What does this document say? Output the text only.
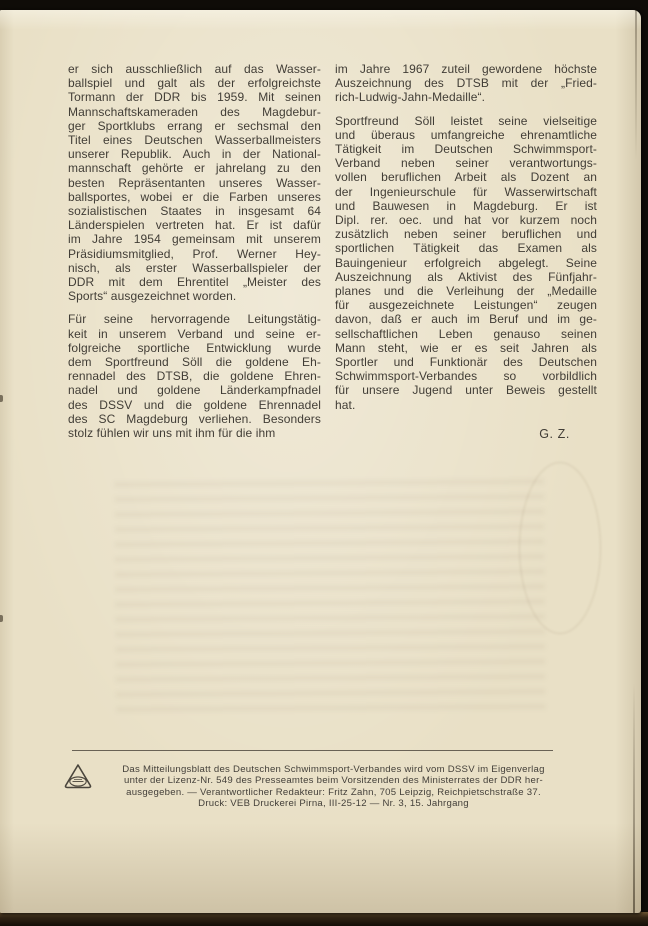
er sich ausschließlich auf das Wasser-
ballspiel und galt als der erfolgreichste
Tormann der DDR bis 1959. Mit seinen
Mannschaftskameraden des Magdebur-
ger Sportklubs errang er sechsmal den
Titel eines Deutschen Wasserballmeisters
unserer Republik. Auch in der National-
mannschaft gehörte er jahrelang zu den
besten Repräsentanten unseres Wasser-
ballsportes, wobei er die Farben unseres
sozialistischen Staates in insgesamt 64
Länderspielen vertreten hat. Er ist dafür
im Jahre 1954 gemeinsam mit unserem
Präsidiumsmitglied, Prof. Werner Hey-
nisch, als erster Wasserballspieler der
DDR mit dem Ehrentitel „Meister des
Sports“ ausgezeichnet worden.
Für seine hervorragende Leitungstätig-
keit in unserem Verband und seine er-
folgreiche sportliche Entwicklung wurde
dem Sportfreund Söll die goldene Eh-
rennadel des DTSB, die goldene Ehren-
nadel und goldene Länderkampfnadel
des DSSV und die goldene Ehrennadel
des SC Magdeburg verliehen. Besonders
stolz fühlen wir uns mit ihm für die ihm
im Jahre 1967 zuteil gewordene höchste
Auszeichnung des DTSB mit der „Fried-
rich-Ludwig-Jahn-Medaille“.
Sportfreund Söll leistet seine vielseitige
und überaus umfangreiche ehrenamtliche
Tätigkeit im Deutschen Schwimmsport-
Verband neben seiner verantwortungs-
vollen beruflichen Arbeit als Dozent an
der Ingenieurschule für Wasserwirtschaft
und Bauwesen in Magdeburg. Er ist
Dipl. rer. oec. und hat vor kurzem noch
zusätzlich neben seiner beruflichen und
sportlichen Tätigkeit das Examen als
Bauingenieur erfolgreich abgelegt. Seine
Auszeichnung als Aktivist des Fünfjahr-
planes und die Verleihung der „Medaille
für ausgezeichnete Leistungen“ zeugen
davon, daß er auch im Beruf und im ge-
sellschaftlichen Leben genauso seinen
Mann steht, wie er es seit Jahren als
Sportler und Funktionär des Deutschen
Schwimmsport-Verbandes so vorbildlich
für unsere Jugend unter Beweis gestellt
hat.
G. Z.
Das Mitteilungsblatt des Deutschen Schwimmsport-Verbandes wird vom DSSV im Eigenverlag
unter der Lizenz-Nr. 549 des Presseamtes beim Vorsitzenden des Ministerrates der DDR her-
ausgegeben. — Verantwortlicher Redakteur: Fritz Zahn, 705 Leipzig, Reichpietschstraße 37.
Druck: VEB Druckerei Pirna, III-25-12 — Nr. 3, 15. Jahrgang
